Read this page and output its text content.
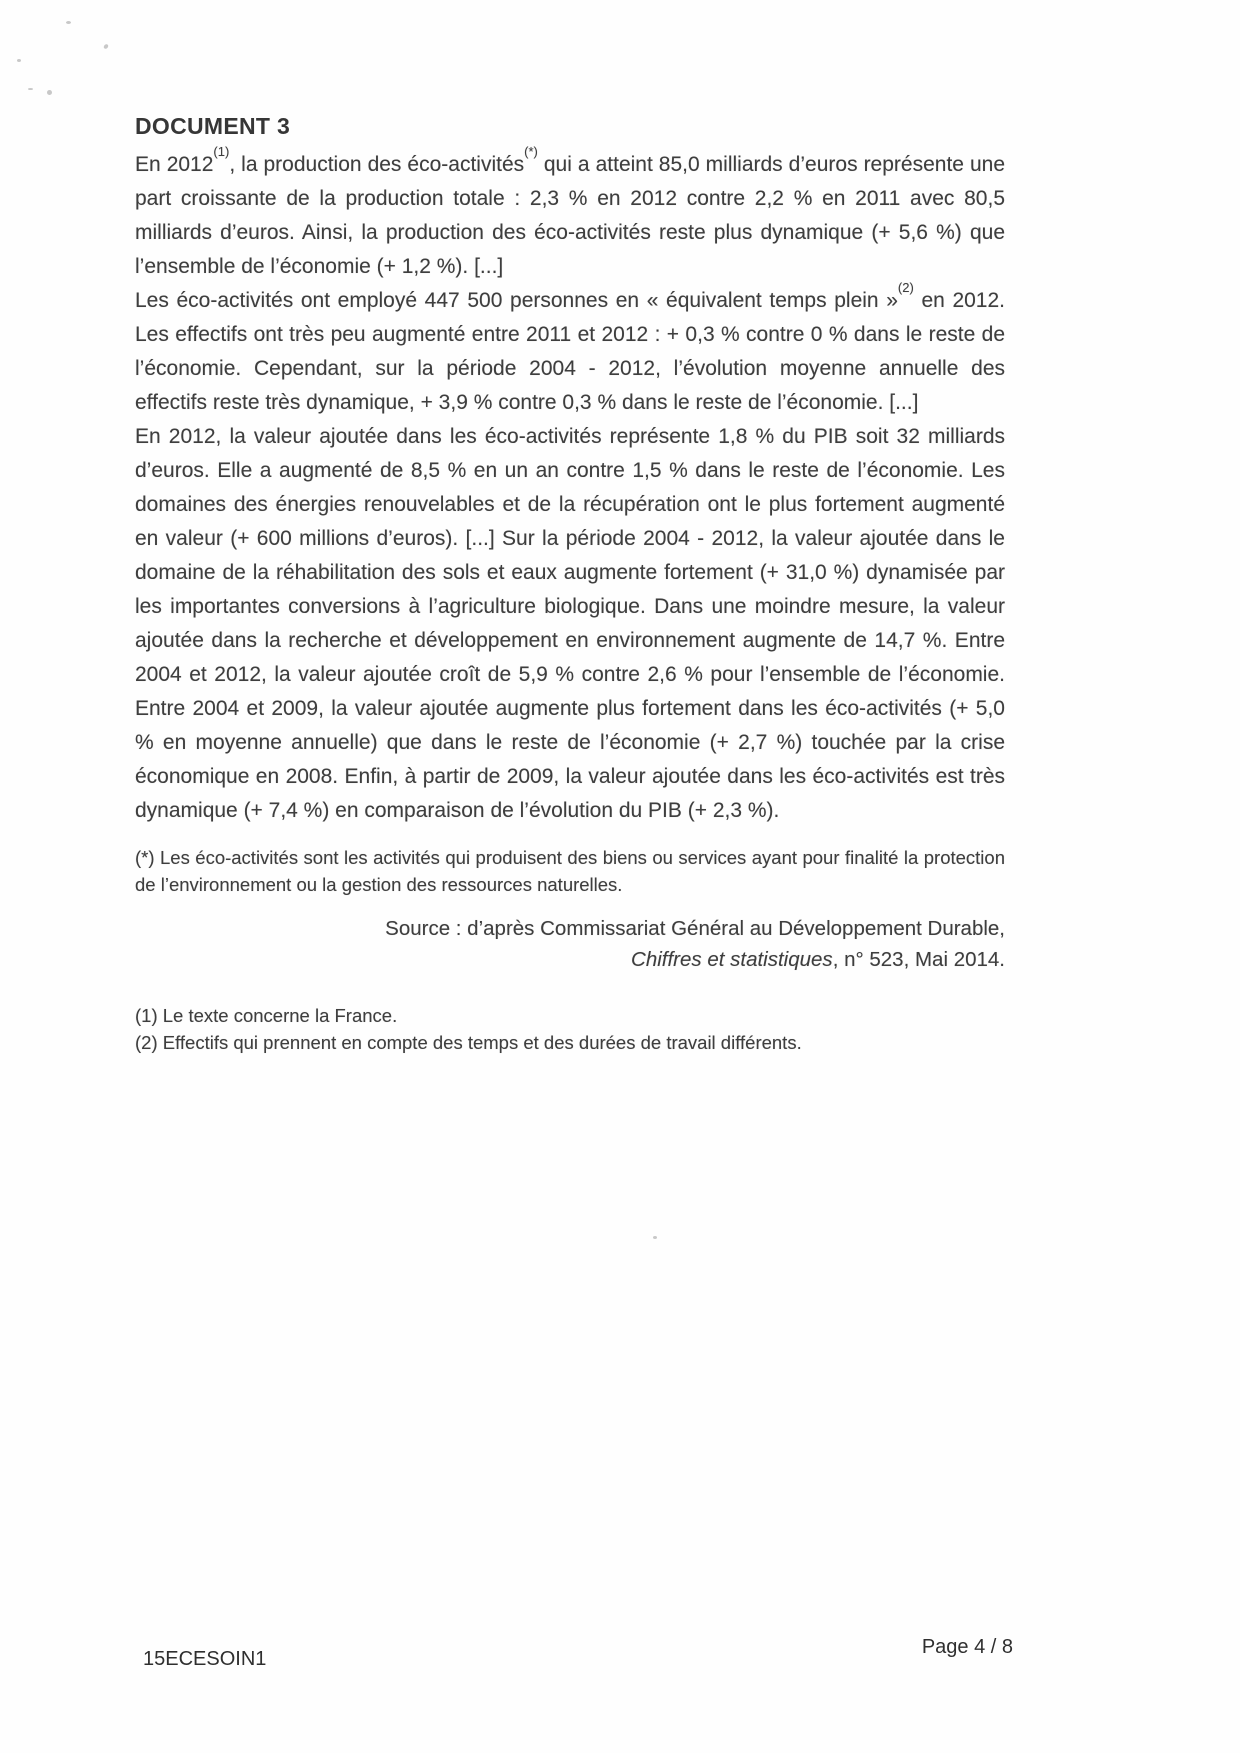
DOCUMENT 3

En 2012$^{(1)}$, la production des éco-activités(*) qui a atteint 85,0 milliards d’euros représente une part croissante de la production totale : 2,3 % en 2012 contre 2,2 % en 2011 avec 80,5 milliards d’euros. Ainsi, la production des éco-activités reste plus dynamique (+ 5,6 %) que l’ensemble de l’économie (+ 1,2 %). [...]

Les éco-activités ont employé 447 500 personnes en « équivalent temps plein »$^{(2)}$ en 2012. Les effectifs ont très peu augmenté entre 2011 et 2012 : + 0,3 % contre 0 % dans le reste de l’économie. Cependant, sur la période 2004 - 2012, l’évolution moyenne annuelle des effectifs reste très dynamique, + 3,9 % contre 0,3 % dans le reste de l’économie. [...]

En 2012, la valeur ajoutée dans les éco-activités représente 1,8 % du PIB soit 32 milliards d’euros. Elle a augmenté de 8,5 % en un an contre 1,5 % dans le reste de l’économie. Les domaines des énergies renouvelables et de la récupération ont le plus fortement augmenté en valeur (+ 600 millions d’euros). [...] Sur la période 2004 - 2012, la valeur ajoutée dans le domaine de la réhabilitation des sols et eaux augmente fortement (+ 31,0 %) dynamisée par les importantes conversions à l’agriculture biologique. Dans une moindre mesure, la valeur ajoutée dans la recherche et développement en environnement augmente de 14,7 %. Entre 2004 et 2012, la valeur ajoutée croît de 5,9 % contre 2,6 % pour l’ensemble de l’économie. Entre 2004 et 2009, la valeur ajoutée augmente plus fortement dans les éco-activités (+ 5,0 % en moyenne annuelle) que dans le reste de l’économie (+ 2,7 %) touchée par la crise économique en 2008. Enfin, à partir de 2009, la valeur ajoutée dans les éco-activités est très dynamique (+ 7,4 %) en comparaison de l’évolution du PIB (+ 2,3 %).

(*) Les éco-activités sont les activités qui produisent des biens ou services ayant pour finalité la protection de l’environnement ou la gestion des ressources naturelles.

Source : d’après Commissariat Général au Développement Durable,
Chiffres et statistiques, n° 523, Mai 2014.
(1) Le texte concerne la France.
(2) Effectifs qui prennent en compte des temps et des durées de travail différents.
15ECESOIN1
Page 4 / 8
